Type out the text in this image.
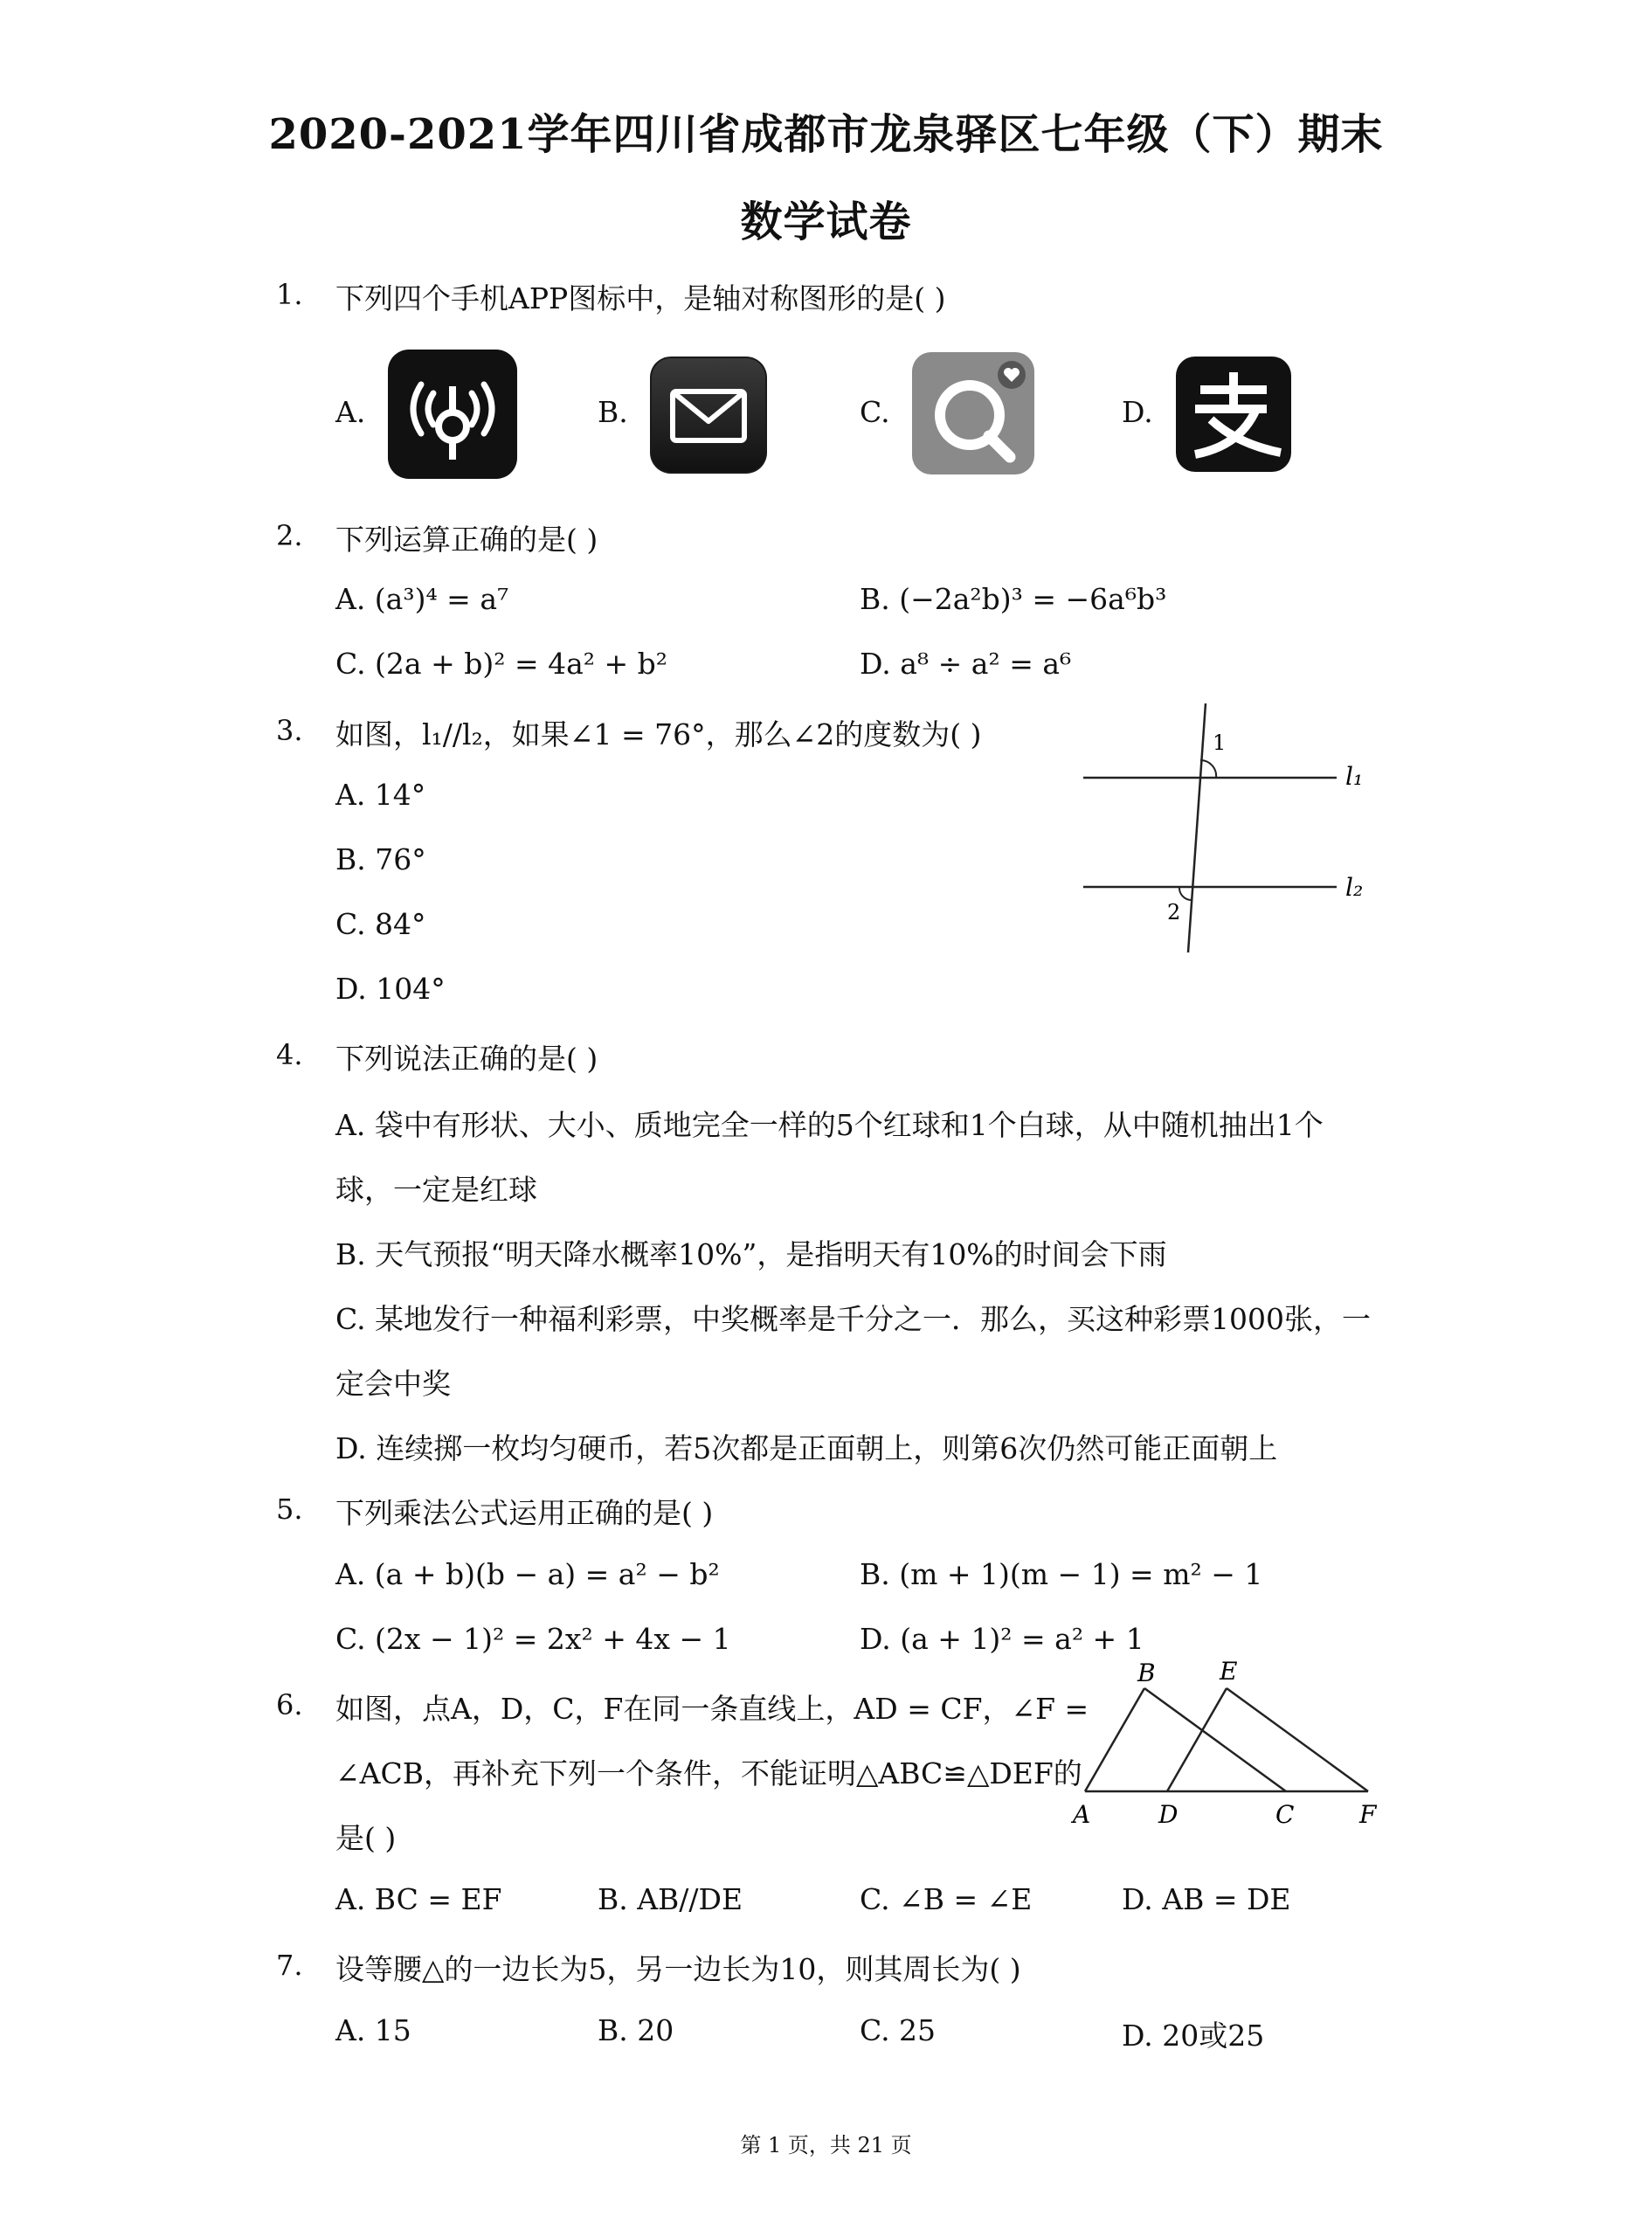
2020-2021学年四川省成都市龙泉驿区七年级（下）期末
数学试卷
1. 下列四个手机APP图标中，是轴对称图形的是( )
A.	B.	C.	D.
2. 下列运算正确的是( )
A. (a³)⁴ = a⁷	B. (−2a²b)³ = −6a⁶b³
C. (2a + b)² = 4a² + b²	D. a⁸ ÷ a² = a⁶
3. 如图，l₁//l₂，如果∠1 = 76°，那么∠2的度数为( )
A. 14°
B. 76°
C. 84°
D. 104°
1
2
l₁
l₂
4. 下列说法正确的是( )
A. 袋中有形状、大小、质地完全一样的5个红球和1个白球，从中随机抽出1个
球，一定是红球
B. 天气预报“明天降水概率10%”，是指明天有10%的时间会下雨
C. 某地发行一种福利彩票，中奖概率是千分之一．那么，买这种彩票1000张，一
定会中奖
D. 连续掷一枚均匀硬币，若5次都是正面朝上，则第6次仍然可能正面朝上
5. 下列乘法公式运用正确的是( )
A. (a + b)(b − a) = a² − b²	B. (m + 1)(m − 1) = m² − 1
C. (2x − 1)² = 2x² + 4x − 1	D. (a + 1)² = a² + 1
6. 如图，点A，D，C，F在同一条直线上，AD = CF，∠F =
∠ACB，再补充下列一个条件，不能证明△ABC≌△DEF的
是( )
A. BC = EF	B. AB//DE	C. ∠B = ∠E	D. AB = DE
B	E
A	D	C	F
7. 设等腰△的一边长为5，另一边长为10，则其周长为( )
A. 15	B. 20	C. 25	D. 20或25
第 1 页，共 21 页
